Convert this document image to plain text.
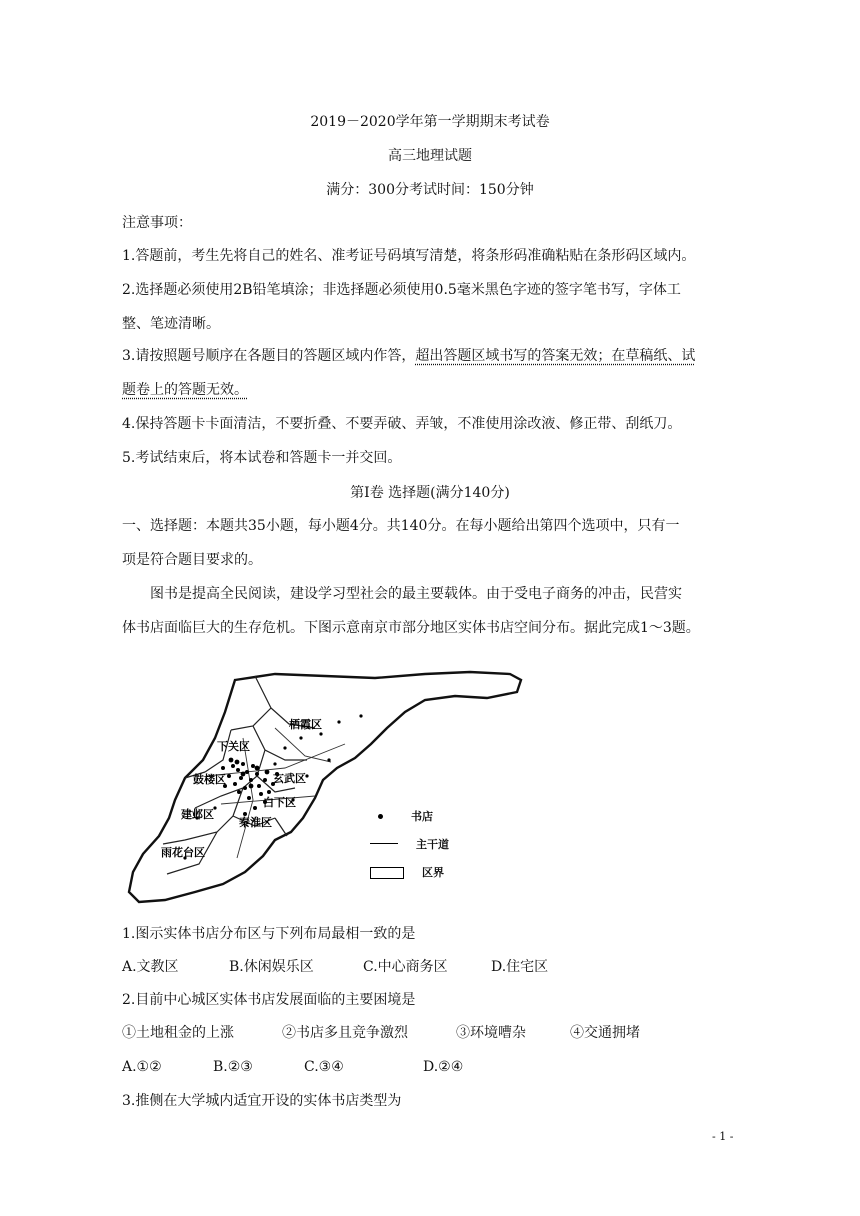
2019－2020学年第一学期期末考试卷
高三地理试题
满分：300分考试时间：150分钟
注意事项：
1.答题前，考生先将自己的姓名、准考证号码填写清楚，将条形码准确粘贴在条形码区域内。
2.选择题必须使用2B铅笔填涂；非选择题必须使用0.5毫米黑色字迹的签字笔书写，字体工
整、笔迹清晰。
3.请按照题号顺序在各题目的答题区域内作答，超出答题区域书写的答案无效；在草稿纸、试
题卷上的答题无效。
4.保持答题卡卡面清洁，不要折叠、不要弄破、弄皱，不准使用涂改液、修正带、刮纸刀。
5.考试结束后，将本试卷和答题卡一并交回。
第I卷 选择题(满分140分)
一、选择题：本题共35小题，每小题4分。共140分。在每小题给出第四个选项中，只有一
项是符合题目要求的。
图书是提高全民阅读，建设学习型社会的最主要载体。由于受电子商务的冲击，民营实
体书店面临巨大的生存危机。下图示意南京市部分地区实体书店空间分布。据此完成1～3题。
栖霞区
下关区
鼓楼区	玄武区
白下区
建邺区
秦淮区
雨花台区
书店
主干道
区界
1.图示实体书店分布区与下列布局最相一致的是
A.文教区	B.休闲娱乐区	C.中心商务区	D.住宅区
2.目前中心城区实体书店发展面临的主要困境是
①土地租金的上涨	②书店多且竞争激烈	③环境嘈杂	④交通拥堵
A.①②	B.②③	C.③④	D.②④
3.推侧在大学城内适宜开设的实体书店类型为
- 1 -
